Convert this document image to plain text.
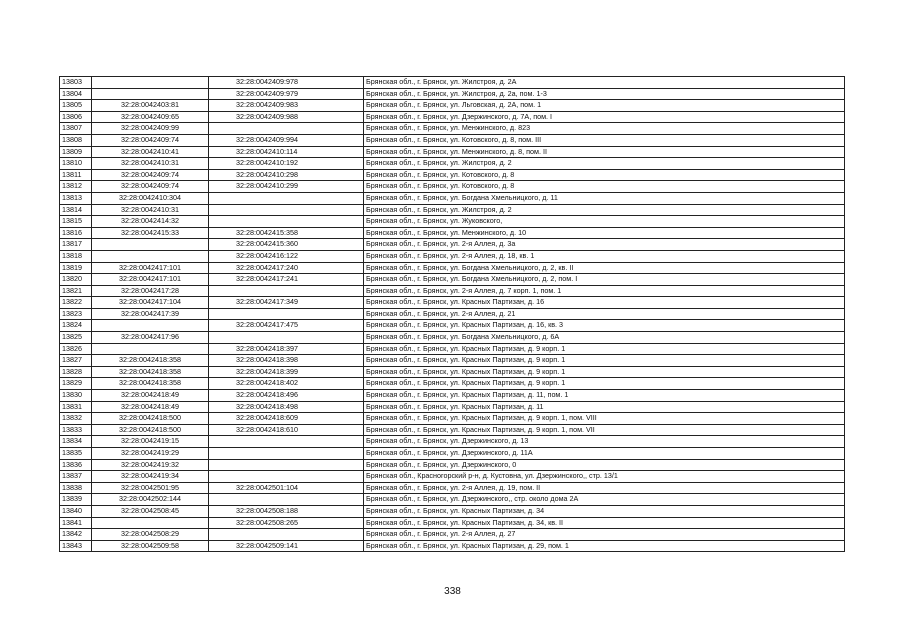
13803		32:28:0042409:978	Брянская обл., г. Брянск, ул. Жилстроя, д. 2А
13804		32:28:0042409:979	Брянская обл., г. Брянск, ул. Жилстроя, д. 2а, пом. 1-3
13805	32:28:0042403:81	32:28:0042409:983	Брянская обл., г. Брянск, ул. Льговская, д. 2А, пом. 1
13806	32:28:0042409:65	32:28:0042409:988	Брянская обл., г. Брянск, ул. Дзержинского, д. 7А, пом. I
13807	32:28:0042409:99		Брянская обл., г. Брянск, ул. Менжинского, д. 823
13808	32:28:0042409:74	32:28:0042409:994	Брянская обл., г. Брянск, ул. Котовского, д. 8, пом. III
13809	32:28:0042410:41	32:28:0042410:114	Брянская обл., г. Брянск, ул. Менжинского, д. 8, пом. II
13810	32:28:0042410:31	32:28:0042410:192	Брянская обл., г. Брянск, ул. Жилстроя, д. 2
13811	32:28:0042409:74	32:28:0042410:298	Брянская обл., г. Брянск, ул. Котовского, д. 8
13812	32:28:0042409:74	32:28:0042410:299	Брянская обл., г. Брянск, ул. Котовского, д. 8
13813	32:28:0042410:304		Брянская обл., г. Брянск, ул. Богдана Хмельницкого, д. 11
13814	32:28:0042410:31		Брянская обл., г. Брянск, ул. Жилстроя, д. 2
13815	32:28:0042414:32		Брянская обл., г. Брянск, ул. Жуковского,
13816	32:28:0042415:33	32:28:0042415:358	Брянская обл., г. Брянск, ул. Менжинского, д. 10
13817		32:28:0042415:360	Брянская обл., г. Брянск, ул. 2-я Аллея, д. 3а
13818		32:28:0042416:122	Брянская обл., г. Брянск, ул. 2-я Аллея, д. 18, кв. 1
13819	32:28:0042417:101	32:28:0042417:240	Брянская обл., г. Брянск, ул. Богдана Хмельницкого, д. 2, кв. II
13820	32:28:0042417:101	32:28:0042417:241	Брянская обл., г. Брянск, ул. Богдана Хмельницкого, д. 2, пом. I
13821	32:28:0042417:28		Брянская обл., г. Брянск, ул. 2-я Аллея, д. 7 корп. 1, пом. 1
13822	32:28:0042417:104	32:28:0042417:349	Брянская обл., г. Брянск, ул. Красных Партизан, д. 16
13823	32:28:0042417:39		Брянская обл., г. Брянск, ул. 2-я Аллея, д. 21
13824		32:28:0042417:475	Брянская обл., г. Брянск, ул. Красных Партизан, д. 16, кв. 3
13825	32:28:0042417:96		Брянская обл., г. Брянск, ул. Богдана Хмельницкого, д. 6А
13826		32:28:0042418:397	Брянская обл., г. Брянск, ул. Красных Партизан, д. 9 корп. 1
13827	32:28:0042418:358	32:28:0042418:398	Брянская обл., г. Брянск, ул. Красных Партизан, д. 9 корп. 1
13828	32:28:0042418:358	32:28:0042418:399	Брянская обл., г. Брянск, ул. Красных Партизан, д. 9 корп. 1
13829	32:28:0042418:358	32:28:0042418:402	Брянская обл., г. Брянск, ул. Красных Партизан, д. 9 корп. 1
13830	32:28:0042418:49	32:28:0042418:496	Брянская обл., г. Брянск, ул. Красных Партизан, д. 11, пом. 1
13831	32:28:0042418:49	32:28:0042418:498	Брянская обл., г. Брянск, ул. Красных Партизан, д. 11
13832	32:28:0042418:500	32:28:0042418:609	Брянская обл., г. Брянск, ул. Красных Партизан, д. 9 корп. 1, пом. VIII
13833	32:28:0042418:500	32:28:0042418:610	Брянская обл., г. Брянск, ул. Красных Партизан, д. 9 корп. 1, пом. VII
13834	32:28:0042419:15		Брянская обл., г. Брянск, ул. Дзержинского, д. 13
13835	32:28:0042419:29		Брянская обл., г. Брянск, ул. Дзержинского, д. 11А
13836	32:28:0042419:32		Брянская обл., г. Брянск, ул. Дзержинского, 0
13837	32:28:0042419:34		Брянская обл., Красногорский р-н, д. Кустовна, ул. Дзержинского,, стр. 13/1
13838	32:28:0042501:95	32:28:0042501:104	Брянская обл., г. Брянск, ул. 2-я Аллея, д. 19, пом. II
13839	32:28:0042502:144		Брянская обл., г. Брянск, ул. Дзержинского,, стр. около дома 2А
13840	32:28:0042508:45	32:28:0042508:188	Брянская обл., г. Брянск, ул. Красных Партизан, д. 34
13841		32:28:0042508:265	Брянская обл., г. Брянск, ул. Красных Партизан, д. 34, кв. II
13842	32:28:0042508:29		Брянская обл., г. Брянск, ул. 2-я Аллея, д. 27
13843	32:28:0042509:58	32:28:0042509:141	Брянская обл., г. Брянск, ул. Красных Партизан, д. 29, пом. 1
338
